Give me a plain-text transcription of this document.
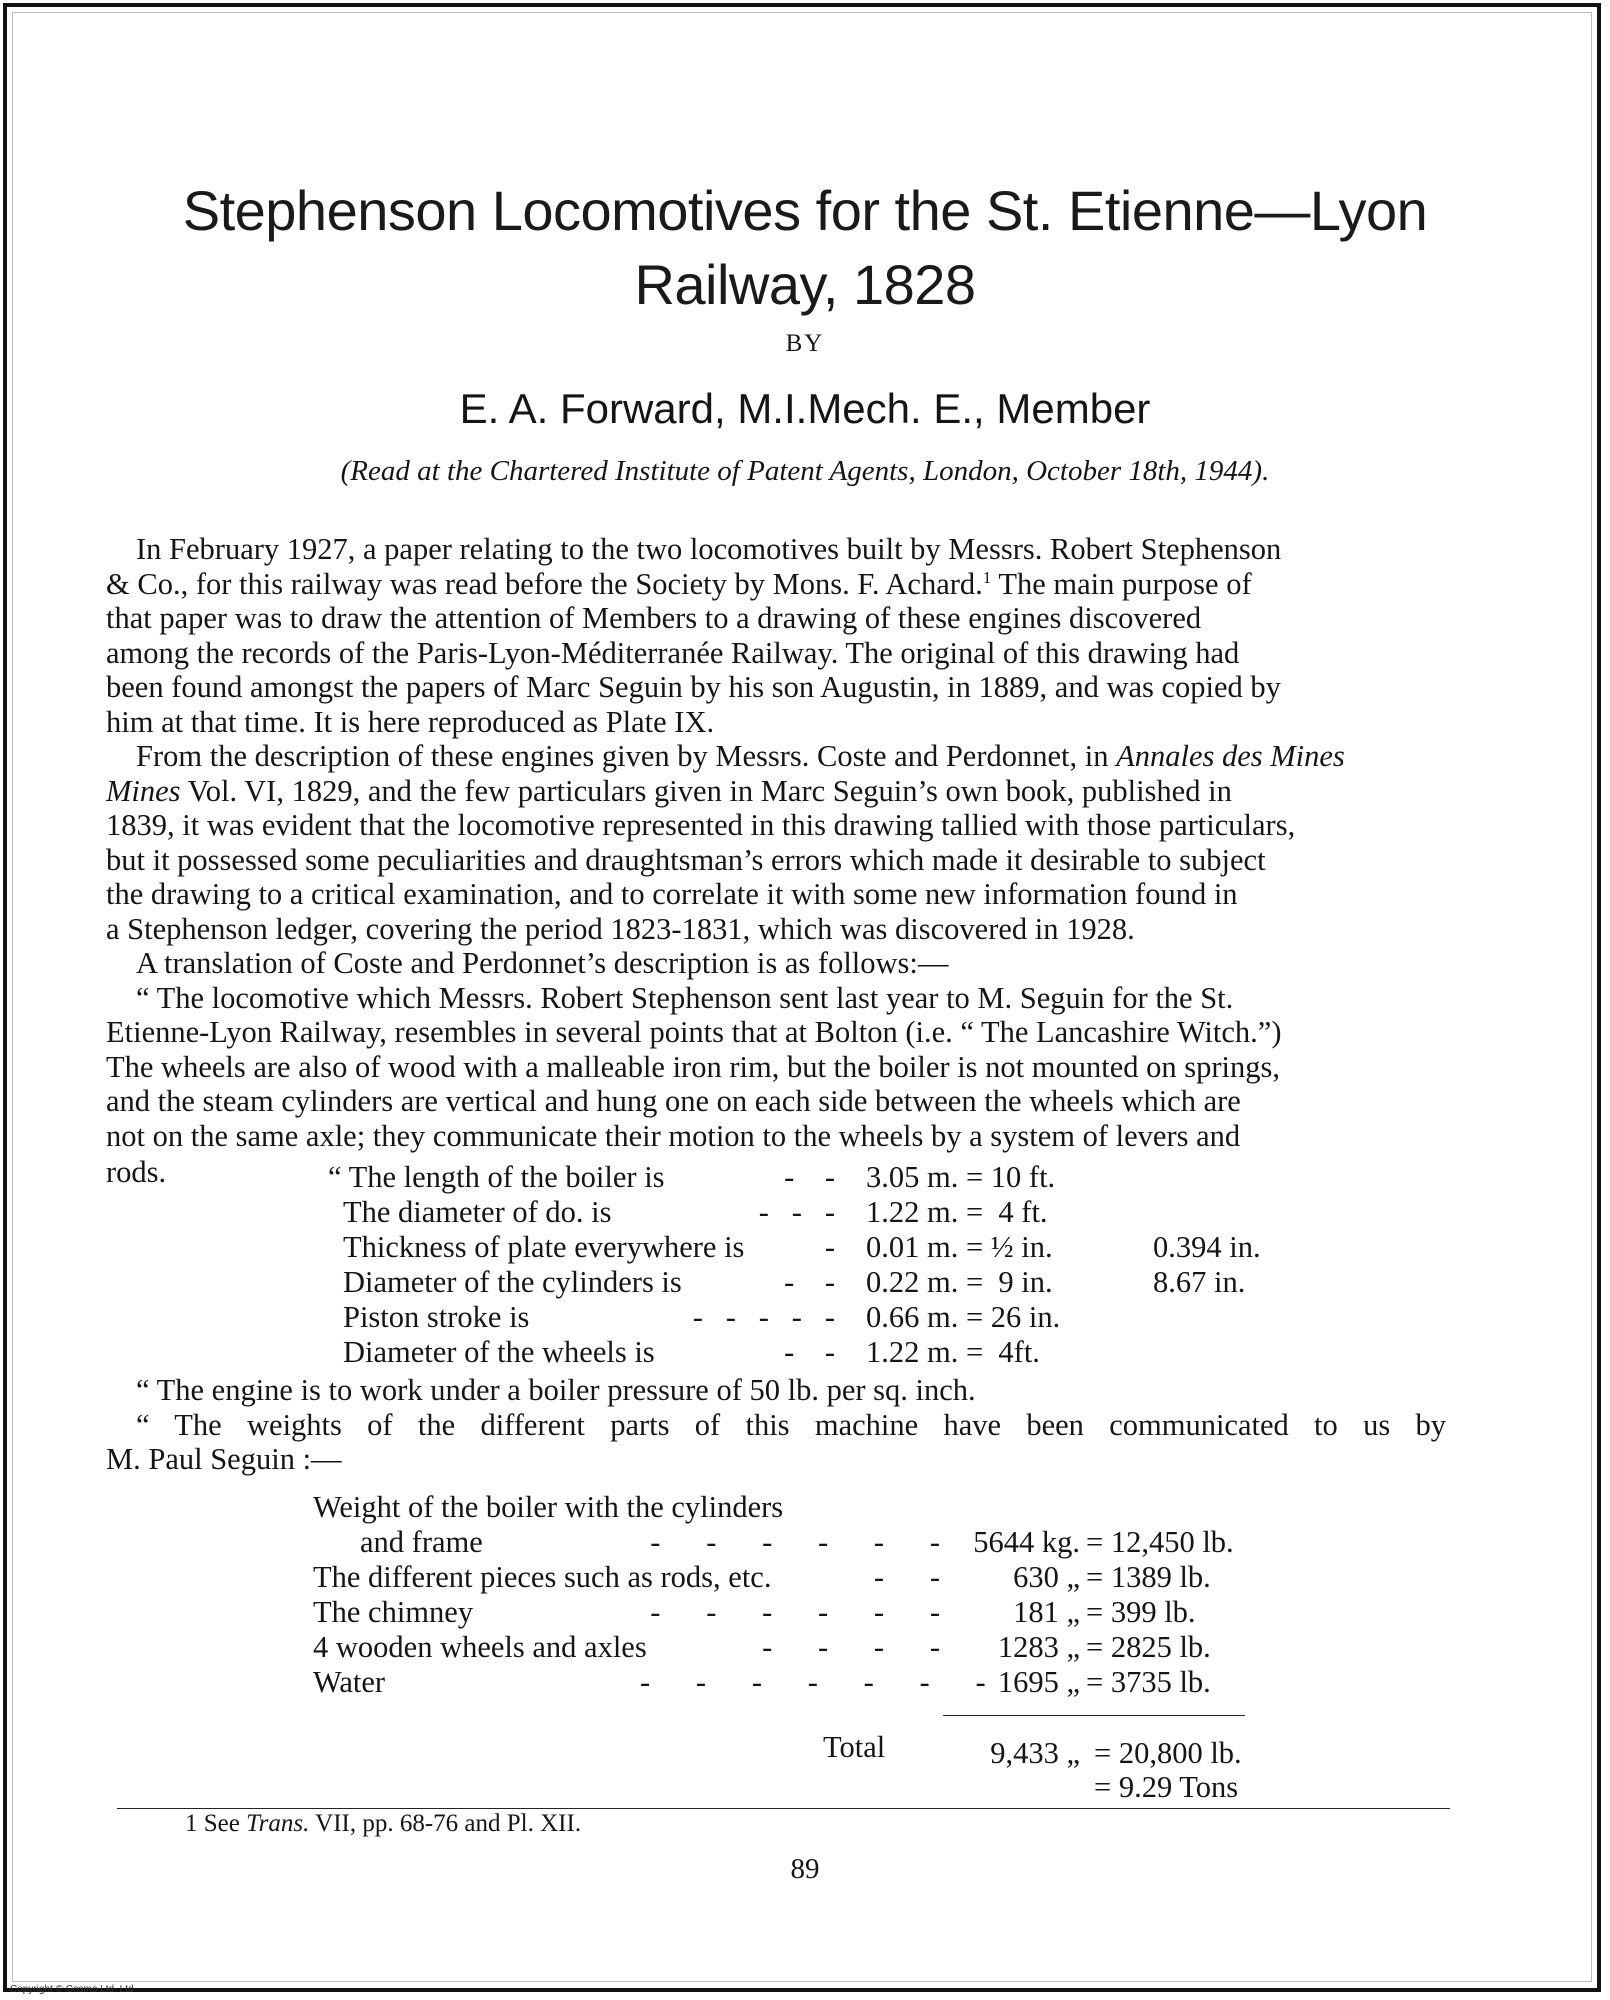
Stephenson Locomotives for the St. Etienne—Lyon
Railway, 1828
BY
E. A. Forward, M.I.Mech. E., Member
(Read at the Chartered Institute of Patent Agents, London, October 18th, 1944).
In February 1927, a paper relating to the two locomotives built by Messrs. Robert Stephenson
& Co., for this railway was read before the Society by Mons. F. Achard.$^1$ The main purpose of
that paper was to draw the attention of Members to a drawing of these engines discovered
among the records of the Paris-Lyon-Méditerranée Railway. The original of this drawing had
been found amongst the papers of Marc Seguin by his son Augustin, in 1889, and was copied by
him at that time. It is here reproduced as Plate IX.
From the description of these engines given by Messrs. Coste and Perdonnet, in Annales des Mines
Mines Vol. VI, 1829, and the few particulars given in Marc Seguin’s own book, published in
1839, it was evident that the locomotive represented in this drawing tallied with those particulars,
but it possessed some peculiarities and draughtsman’s errors which made it desirable to subject
the drawing to a critical examination, and to correlate it with some new information found in
a Stephenson ledger, covering the period 1823-1831, which was discovered in 1928.
A translation of Coste and Perdonnet’s description is as follows:—
“ The locomotive which Messrs. Robert Stephenson sent last year to M. Seguin for the St.
Etienne-Lyon Railway, resembles in several points that at Bolton (i.e. “ The Lancashire Witch.”)
The wheels are also of wood with a malleable iron rim, but the boiler is not mounted on springs,
and the steam cylinders are vertical and hung one on each side between the wheels which are
not on the same axle; they communicate their motion to the wheels by a system of levers and
rods.	“ The length of the boiler is	-    - 3.05 m. = 10 ft.
The diameter of do. is	-   -   - 1.22 m. =  4 ft.
Thickness of plate everywhere is	- 0.01 m. = ½ in.	0.394 in.
Diameter of the cylinders is	-    - 0.22 m. =  9 in.	8.67 in.
Piston stroke is	-   -   -   -   - 0.66 m. = 26 in.
Diameter of the wheels is	-    - 1.22 m. =  4ft.
“ The engine is to work under a boiler pressure of 50 lb. per sq. inch.
“ The weights of the different parts of this machine have been communicated to us by
M. Paul Seguin :—
Weight of the boiler with the cylinders
and frame	-      -      -      -      -      -	5644 kg. = 12,450 lb.
The different pieces such as rods, etc.	-      -	630 „ = 1389 lb.
The chimney	-      -      -      -      -      -	181 „ = 399 lb.
4 wooden wheels and axles	-      -      -      -	1283 „ = 2825 lb.
Water	-      -      -      -      -      -      - 1695 „ = 3735 lb.
Total	9,433 „ = 20,800 lb.
= 9.29 Tons
1 See Trans. VII, pp. 68-76 and Pl. XII.
89
Copyright © Cosmo Ltd. Ltd
